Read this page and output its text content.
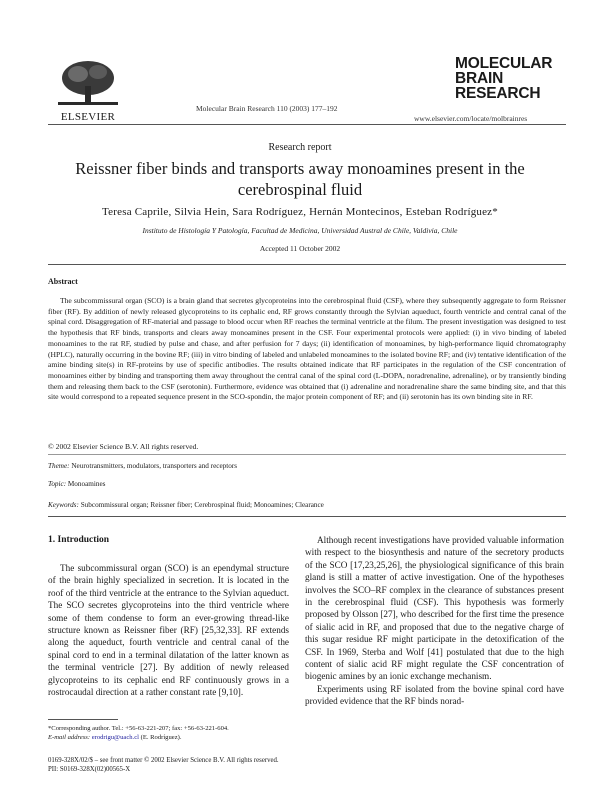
ELSEVIER
Molecular Brain Research 110 (2003) 177–192
MOLECULAR
BRAIN
RESEARCH
www.elsevier.com/locate/molbrainres
Research report
Reissner fiber binds and transports away monoamines present in the cerebrospinal fluid
Teresa Caprile, Silvia Hein, Sara Rodríguez, Hernán Montecinos, Esteban Rodríguez*
Instituto de Histología Y Patología, Facultad de Medicina, Universidad Austral de Chile, Valdivia, Chile
Accepted 11 October 2002
Abstract
The subcommissural organ (SCO) is a brain gland that secretes glycoproteins into the cerebrospinal fluid (CSF), where they subsequently aggregate to form Reissner fiber (RF). By addition of newly released glycoproteins to its cephalic end, RF grows constantly through the Sylvian aqueduct, fourth ventricle and central canal of the spinal cord. Disaggregation of RF-material and passage to blood occur when RF reaches the terminal ventricle at the filum. The present investigation was designed to test the hypothesis that RF binds, transports and clears away monoamines present in the CSF. Four experimental protocols were applied: (i) in vivo binding of labeled monoamines to the rat RF, studied by pulse and chase, and after perfusion for 7 days; (ii) identification of monoamines, by high-performance liquid chromatography (HPLC), naturally occurring in the bovine RF; (iii) in vitro binding of labeled and unlabeled monoamines to the isolated bovine RF; and (iv) tentative identification of the amine binding site(s) in RF-proteins by use of specific antibodies. The results obtained indicate that RF participates in the regulation of the CSF concentration of monoamines either by binding and transporting them away throughout the central canal of the spinal cord (L-DOPA, noradrenaline, adrenaline), or by transiently binding them and releasing them back to the CSF (serotonin). Furthermore, evidence was obtained that (i) adrenaline and noradrenaline share the same binding site, and that this site would correspond to a repeated sequence present in the SCO-spondin, the major protein component of RF; and (ii) serotonin has its own binding site in RF.
© 2002 Elsevier Science B.V. All rights reserved.
Theme: Neurotransmitters, modulators, transporters and receptors
Topic: Monoamines
Keywords: Subcommissural organ; Reissner fiber; Cerebrospinal fluid; Monoamines; Clearance
1. Introduction

The subcommissural organ (SCO) is an ependymal structure of the brain highly specialized in secretion. It is located in the roof of the third ventricle at the entrance to the Sylvian aqueduct. The SCO secretes glycoproteins into the third ventricle where some of them condense to form an ever-growing thread-like structure known as Reissner fiber (RF) [25,32,33]. RF extends along the aqueduct, fourth ventricle and central canal of the spinal cord to end in a terminal dilatation of the latter known as the terminal ventricle [27]. By addition of newly released glycoproteins to its cephalic end RF continuously grows in a rostrocaudal direction at a rather constant rate [9,10].

Although recent investigations have provided valuable information with respect to the biosynthesis and nature of the secretory products of the SCO [17,23,25,26], the physiological significance of this brain gland is still a matter of active investigation. One of the hypotheses involves the SCO–RF complex in the clearance of substances present in the cerebrospinal fluid (CSF). This hypothesis was formerly proposed by Olsson [27], who described for the first time the presence of sialic acid in RF, and proposed that due to the negative charge of this sugar residue RF might participate in the detoxification of the CSF. In 1969, Sterba and Wolf [41] postulated that due to the high content of sialic acid RF might regulate the CSF concentration of biogenic amines by an ionic exchange mechanism.

Experiments using RF isolated from the bovine spinal cord have provided evidence that the RF binds norad-

*Corresponding author. Tel.: +56-63-221-207; fax: +56-63-221-604.
E-mail address: erodrigu@uach.cl (E. Rodríguez).
0169-328X/02/$ – see front matter © 2002 Elsevier Science B.V. All rights reserved.
PII: S0169-328X(02)00565-X
